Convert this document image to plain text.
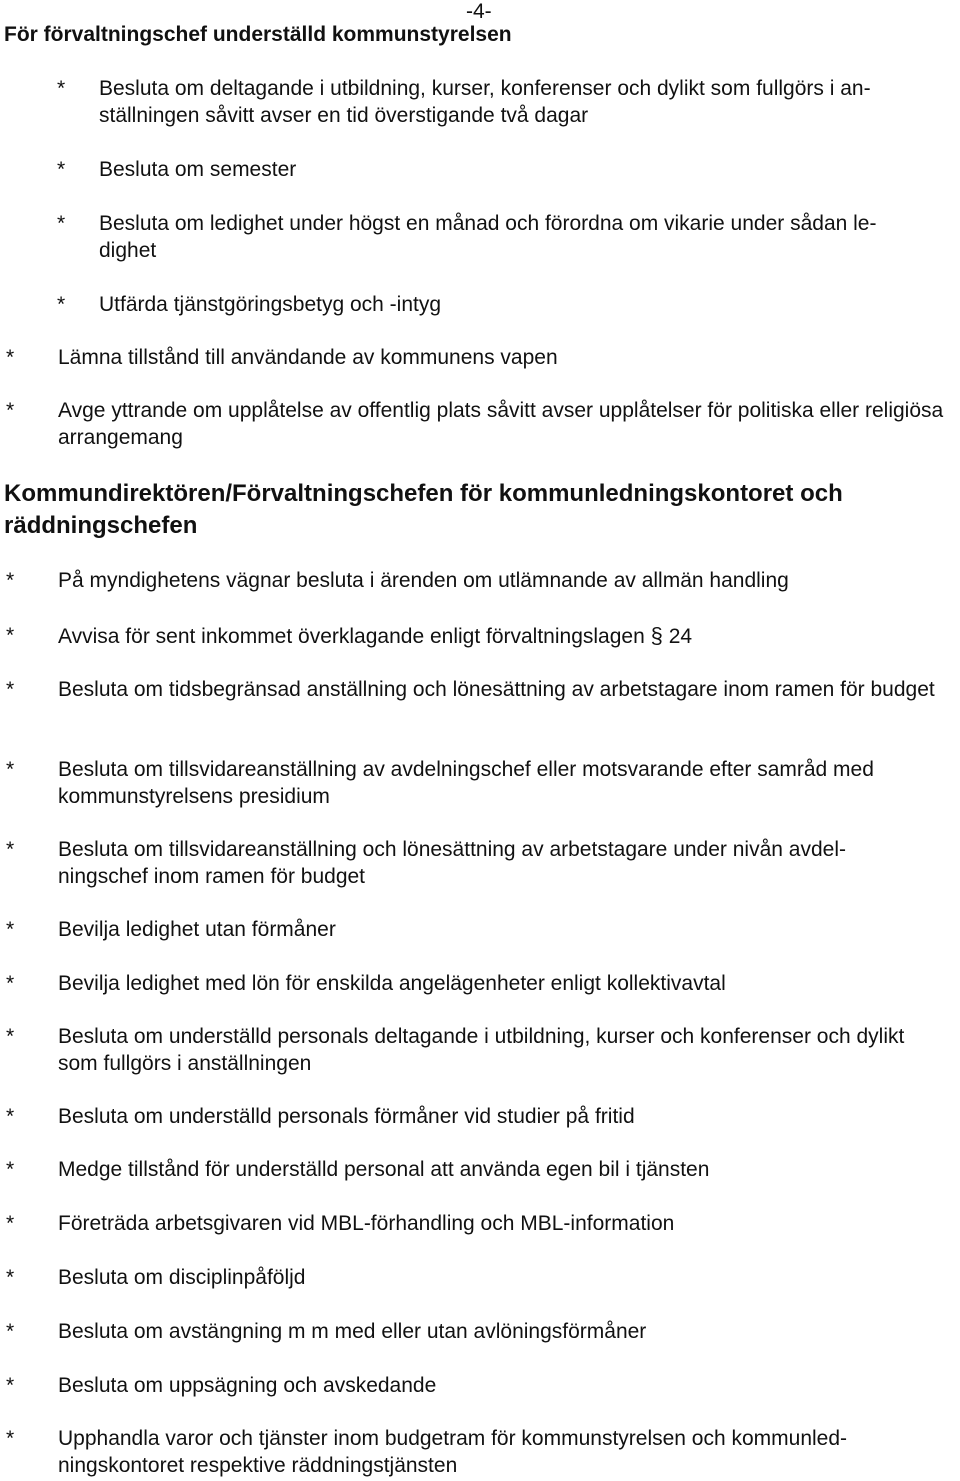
-4-
För förvaltningschef underställd kommunstyrelsen
*	Besluta om deltagande i utbildning, kurser, konferenser och dylikt som fullgörs i an-
ställningen såvitt avser en tid överstigande två dagar
*	Besluta om semester
*	Besluta om ledighet under högst en månad och förordna om vikarie under sådan le-
dighet
*	Utfärda tjänstgöringsbetyg och -intyg
*	Lämna tillstånd till användande av kommunens vapen
*	Avge yttrande om upplåtelse av offentlig plats såvitt avser upplåtelser för politiska eller religiösa arrangemang
Kommundirektören/Förvaltningschefen för kommunledningskontoret och räddningschefen
*	På myndighetens vägnar besluta i ärenden om utlämnande av allmän handling
*	Avvisa för sent inkommet överklagande enligt förvaltningslagen § 24
*	Besluta om tidsbegränsad anställning och lönesättning av arbetstagare inom ramen för budget
*	Besluta om tillsvidareanställning av avdelningschef eller motsvarande efter samråd med kommunstyrelsens presidium
*	Besluta om tillsvidareanställning och lönesättning av arbetstagare under nivån avdel-
ningschef inom ramen för budget
*	Bevilja ledighet utan förmåner
*	Bevilja ledighet med lön för enskilda angelägenheter enligt kollektivavtal
*	Besluta om underställd personals deltagande i utbildning, kurser och konferenser och dylikt som fullgörs i anställningen
*	Besluta om underställd personals förmåner vid studier på fritid
*	Medge tillstånd för underställd personal att använda egen bil i tjänsten
*	Företräda arbetsgivaren vid MBL-förhandling och MBL-information
*	Besluta om disciplinpåföljd
*	Besluta om avstängning m m med eller utan avlöningsförmåner
*	Besluta om uppsägning och avskedande
*	Upphandla varor och tjänster inom budgetram för kommunstyrelsen och kommunled-
ningskontoret respektive räddningstjänsten
